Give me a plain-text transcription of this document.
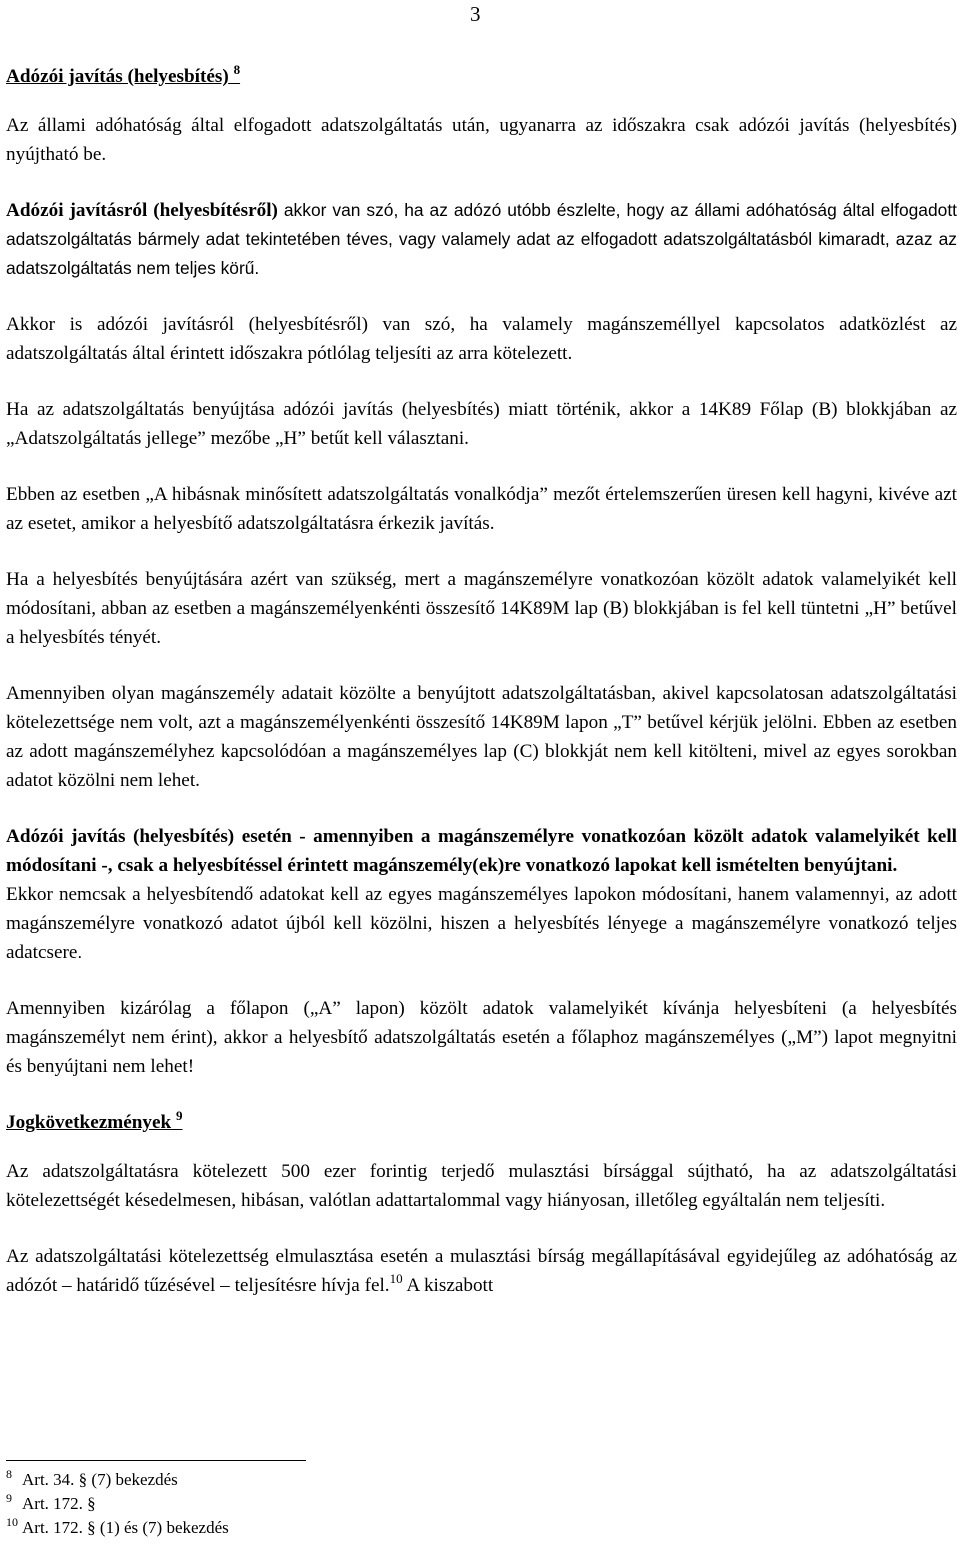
3
Adózói javítás (helyesbítés) $^8$

Az állami adóhatóság által elfogadott adatszolgáltatás után, ugyanarra az időszakra csak adózói javítás (helyesbítés) nyújtható be.

Adózói javításról (helyesbítésről) akkor van szó, ha az adózó utóbb észlelte, hogy az állami adóhatóság által elfogadott adatszolgáltatás bármely adat tekintetében téves, vagy valamely adat az elfogadott adatszolgáltatásból kimaradt, azaz az adatszolgáltatás nem teljes körű.

Akkor is adózói javításról (helyesbítésről) van szó, ha valamely magánszeméllyel kapcsolatos adatközlést az adatszolgáltatás által érintett időszakra pótlólag teljesíti az arra kötelezett.

Ha az adatszolgáltatás benyújtása adózói javítás (helyesbítés) miatt történik, akkor a 14K89 Főlap (B) blokkjában az „Adatszolgáltatás jellege” mezőbe „H” betűt kell választani.

Ebben az esetben „A hibásnak minősített adatszolgáltatás vonalkódja” mezőt értelemszerűen üresen kell hagyni, kivéve azt az esetet, amikor a helyesbítő adatszolgáltatásra érkezik javítás.

Ha a helyesbítés benyújtására azért van szükség, mert a magánszemélyre vonatkozóan közölt adatok valamelyikét kell módosítani, abban az esetben a magánszemélyenkénti összesítő 14K89M lap (B) blokkjában is fel kell tüntetni „H” betűvel a helyesbítés tényét.

Amennyiben olyan magánszemély adatait közölte a benyújtott adatszolgáltatásban, akivel kapcsolatosan adatszolgáltatási kötelezettsége nem volt, azt a magánszemélyenkénti összesítő 14K89M lapon „T” betűvel kérjük jelölni. Ebben az esetben az adott magánszemélyhez kapcsolódóan a magánszemélyes lap (C) blokkját nem kell kitölteni, mivel az egyes sorokban adatot közölni nem lehet.

Adózói javítás (helyesbítés) esetén - amennyiben a magánszemélyre vonatkozóan közölt adatok valamelyikét kell módosítani -, csak a helyesbítéssel érintett magánszemély(ek)re vonatkozó lapokat kell ismételten benyújtani.

Ekkor nemcsak a helyesbítendő adatokat kell az egyes magánszemélyes lapokon módosítani, hanem valamennyi, az adott magánszemélyre vonatkozó adatot újból kell közölni, hiszen a helyesbítés lényege a magánszemélyre vonatkozó teljes adatcsere.

Amennyiben kizárólag a főlapon („A” lapon) közölt adatok valamelyikét kívánja helyesbíteni (a helyesbítés magánszemélyt nem érint), akkor a helyesbítő adatszolgáltatás esetén a főlaphoz magánszemélyes („M”) lapot megnyitni és benyújtani nem lehet!

Jogkövetkezmények $^9$

Az adatszolgáltatásra kötelezett 500 ezer forintig terjedő mulasztási bírsággal sújtható, ha az adatszolgáltatási kötelezettségét késedelmesen, hibásan, valótlan adattartalommal vagy hiányosan, illetőleg egyáltalán nem teljesíti.

Az adatszolgáltatási kötelezettség elmulasztása esetén a mulasztási bírság megállapításával egyidejűleg az adóhatóság az adózót – határidő tűzésével – teljesítésre hívja fel.$^{10}$ A kiszabott

8 Art. 34. § (7) bekezdés
9 Art. 172. §
10 Art. 172. § (1) és (7) bekezdés
